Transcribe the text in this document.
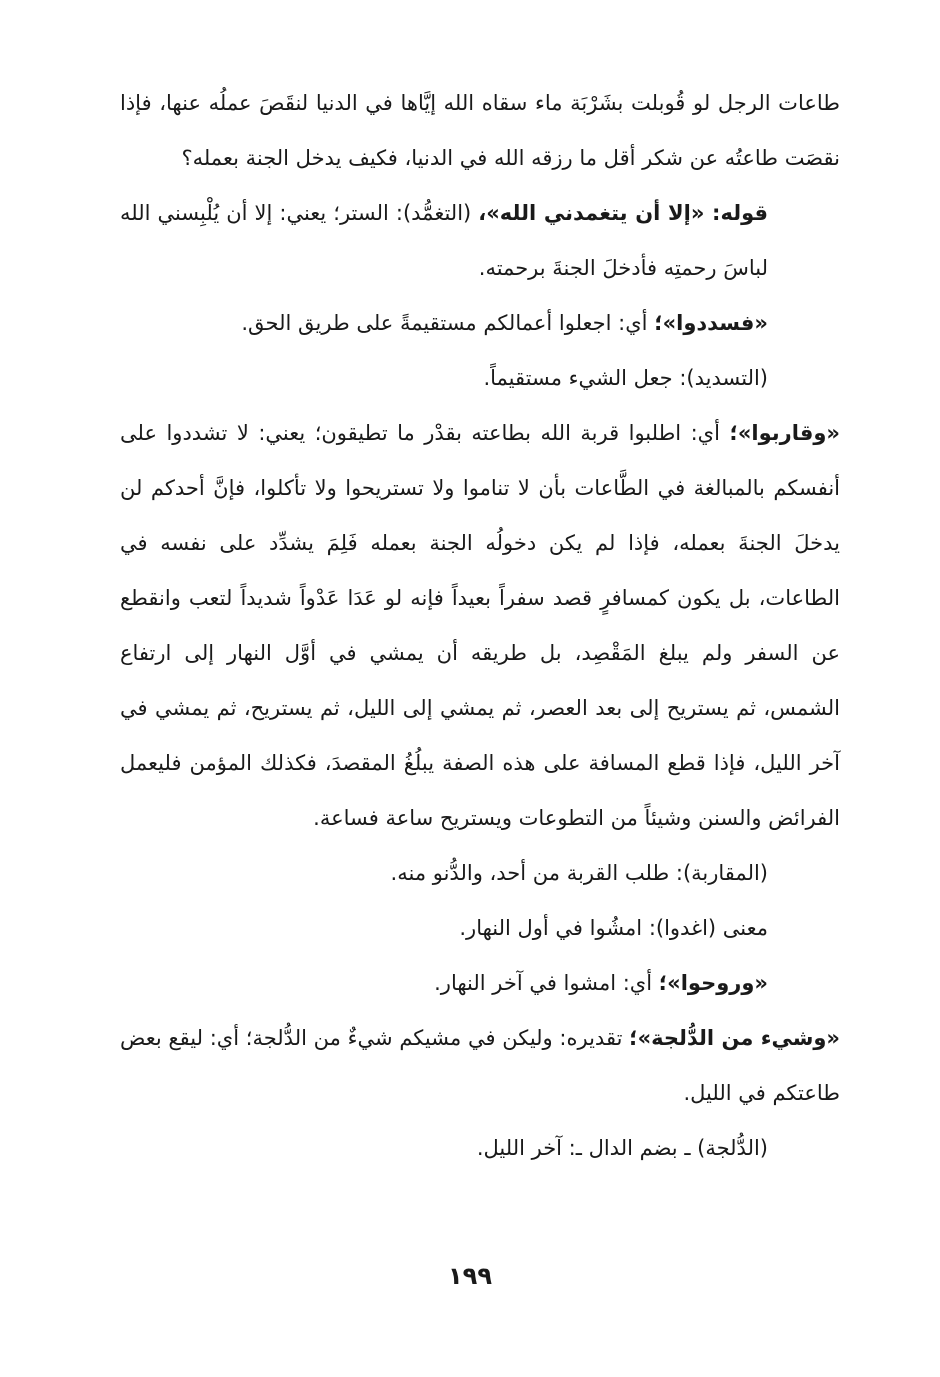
طاعات الرجل لو قُوبلت بشَرْبَة ماء سقاه الله إيَّاها في الدنيا لنقَصَ عملُه عنها، فإذا نقصَت طاعتُه عن شكر أقل ما رزقه الله في الدنيا، فكيف يدخل الجنة بعمله؟

قوله: «إلا أن يتغمدني الله»، (التغمُّد): الستر؛ يعني: إلا أن يُلْبِسني الله لباسَ رحمتِه فأدخلَ الجنةَ برحمته.

«فسددوا»؛ أي: اجعلوا أعمالكم مستقيمةً على طريق الحق.

(التسديد): جعل الشيء مستقيماً.

«وقاربوا»؛ أي: اطلبوا قربة الله بطاعته بقدْر ما تطيقون؛ يعني: لا تشددوا على أنفسكم بالمبالغة في الطَّاعات بأن لا تناموا ولا تستريحوا ولا تأكلوا، فإنَّ أحدكم لن يدخلَ الجنةَ بعمله، فإذا لم يكن دخولُه الجنة بعمله فَلِمَ يشدِّد على نفسه في الطاعات، بل يكون كمسافرٍ قصد سفراً بعيداً فإنه لو عَدَا عَدْواً شديداً لتعب وانقطع عن السفر ولم يبلغ المَقْصِد، بل طريقه أن يمشي في أوَّل النهار إلى ارتفاع الشمس، ثم يستريح إلى بعد العصر، ثم يمشي إلى الليل، ثم يستريح، ثم يمشي في آخر الليل، فإذا قطع المسافة على هذه الصفة يبلُغُ المقصدَ، فكذلك المؤمن فليعمل الفرائض والسنن وشيئاً من التطوعات ويستريح ساعة فساعة.

(المقاربة): طلب القربة من أحد، والدُّنو منه.

معنى (اغدوا): امشُوا في أول النهار.

«وروحوا»؛ أي: امشوا في آخر النهار.

«وشيء من الدُّلجة»؛ تقديره: وليكن في مشيكم شيءٌ من الدُّلجة؛ أي: ليقع بعض طاعتكم في الليل.

(الدُّلجة) ـ بضم الدال ـ: آخر الليل.

١٩٩
